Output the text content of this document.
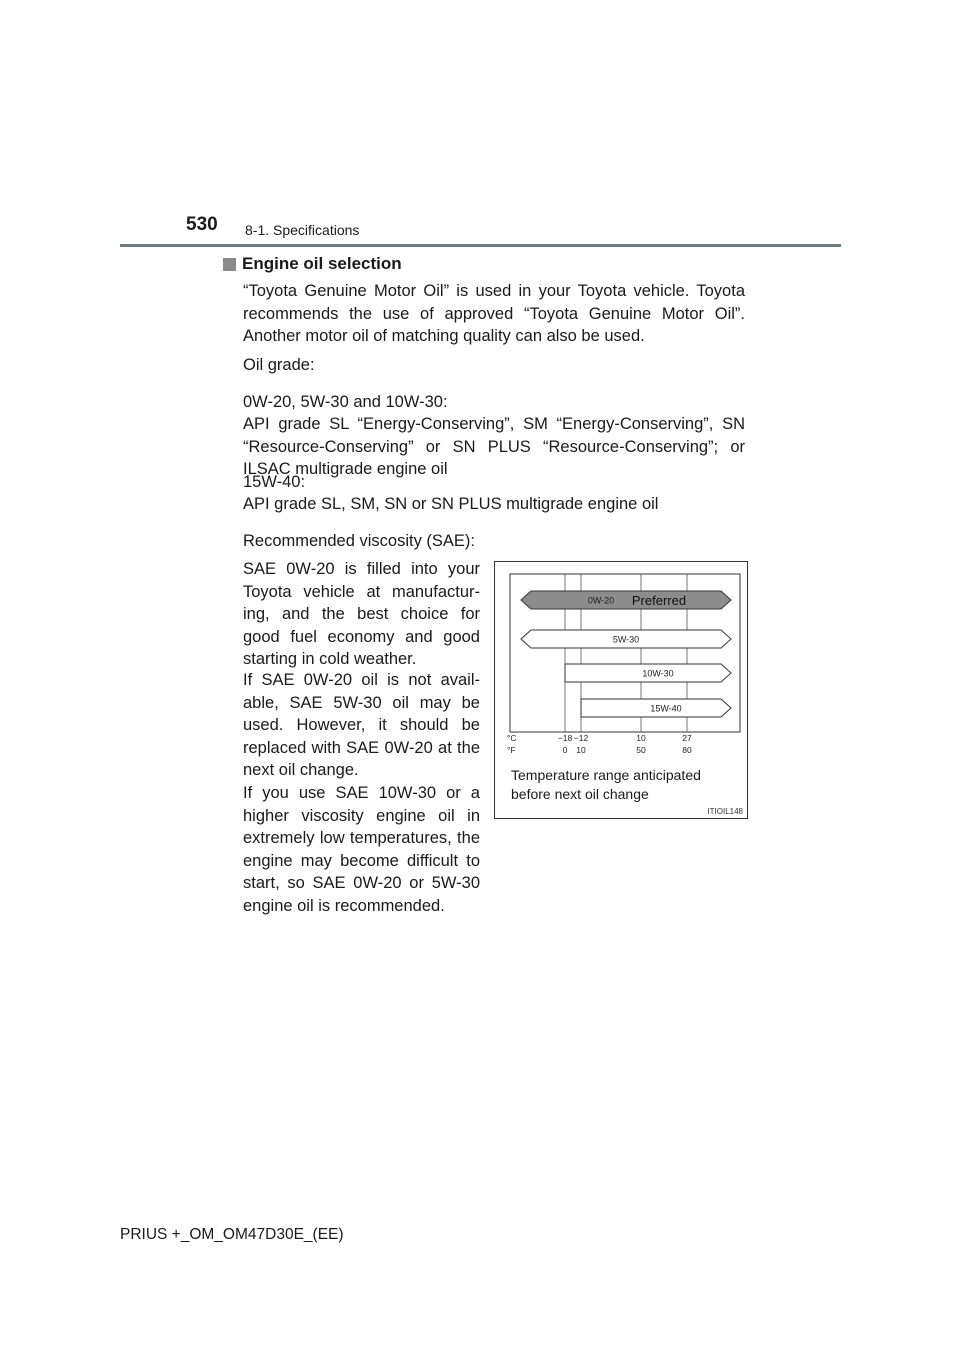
530 8-1. Specifications
Engine oil selection
“Toyota Genuine Motor Oil” is used in your Toyota vehicle. Toyota recommends the use of approved “Toyota Genuine Motor Oil”. Another motor oil of matching quality can also be used.
Oil grade:
0W-20, 5W-30 and 10W-30:
API grade SL “Energy-Conserving”, SM “Energy-Conserving”, SN “Resource-Conserving” or SN PLUS “Resource-Conserving”; or ILSAC multigrade engine oil
15W-40:
API grade SL, SM, SN or SN PLUS multigrade engine oil
Recommended viscosity (SAE):
SAE 0W-20 is filled into your Toyota vehicle at manufactur-ing, and the best choice for good fuel economy and good starting in cold weather.
If SAE 0W-20 oil is not avail-able, SAE 5W-30 oil may be used. However, it should be replaced with SAE 0W-20 at the next oil change.
If you use SAE 10W-30 or a higher viscosity engine oil in extremely low temperatures, the engine may become difficult to start, so SAE 0W-20 or 5W-30 engine oil is recommended.
0W-20 Preferred
5W-30
10W-30
15W-40
°C
°F
−18 −12	10	27
0 10	50	80
Temperature range anticipated before next oil change
ITIOIL148
PRIUS +_OM_OM47D30E_(EE)
